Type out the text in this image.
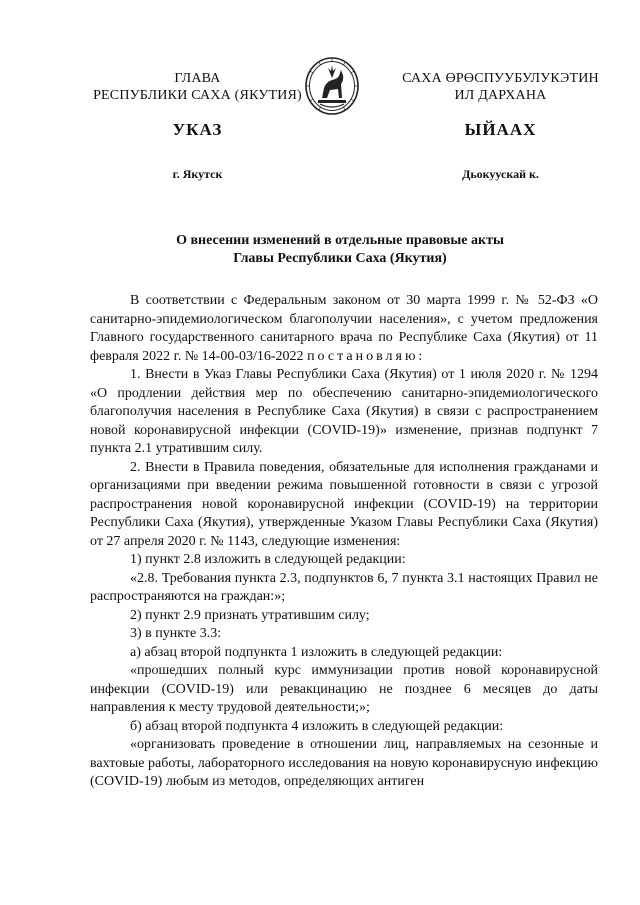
ГЛАВА
РЕСПУБЛИКИ САХА (ЯКУТИЯ)
САХА ӨРӨСПУУБУЛУКЭТИН
ИЛ ДАРХАНА
УКАЗ	ЫЙААХ
г. Якутск	Дьокуускай к.
О внесении изменений в отдельные правовые акты
Главы Республики Саха (Якутия)

В соответствии с Федеральным законом от 30 марта 1999 г. № 52-ФЗ «О санитарно-эпидемиологическом благополучии населения», с учетом предложения Главного государственного санитарного врача по Республике Саха (Якутия) от 11 февраля 2022 г. № 14-00-03/16-2022 постановляю:

1. Внести в Указ Главы Республики Саха (Якутия) от 1 июля 2020 г. № 1294 «О продлении действия мер по обеспечению санитарно-эпидемиологического благополучия населения в Республике Саха (Якутия) в связи с распространением новой коронавирусной инфекции (COVID-19)» изменение, признав подпункт 7 пункта 2.1 утратившим силу.

2. Внести в Правила поведения, обязательные для исполнения гражданами и организациями при введении режима повышенной готовности в связи с угрозой распространения новой коронавирусной инфекции (COVID-19) на территории Республики Саха (Якутия), утвержденные Указом Главы Республики Саха (Якутия) от 27 апреля 2020 г. № 1143, следующие изменения:

1) пункт 2.8 изложить в следующей редакции:

«2.8. Требования пункта 2.3, подпунктов 6, 7 пункта 3.1 настоящих Правил не распространяются на граждан:»;

2) пункт 2.9 признать утратившим силу;

3) в пункте 3.3:

а) абзац второй подпункта 1 изложить в следующей редакции:

«прошедших полный курс иммунизации против новой коронавирусной инфекции (COVID-19) или ревакцинацию не позднее 6 месяцев до даты направления к месту трудовой деятельности;»;

б) абзац второй подпункта 4 изложить в следующей редакции:

«организовать проведение в отношении лиц, направляемых на сезонные и вахтовые работы, лабораторного исследования на новую коронавирусную инфекцию (COVID-19) любым из методов, определяющих антиген
